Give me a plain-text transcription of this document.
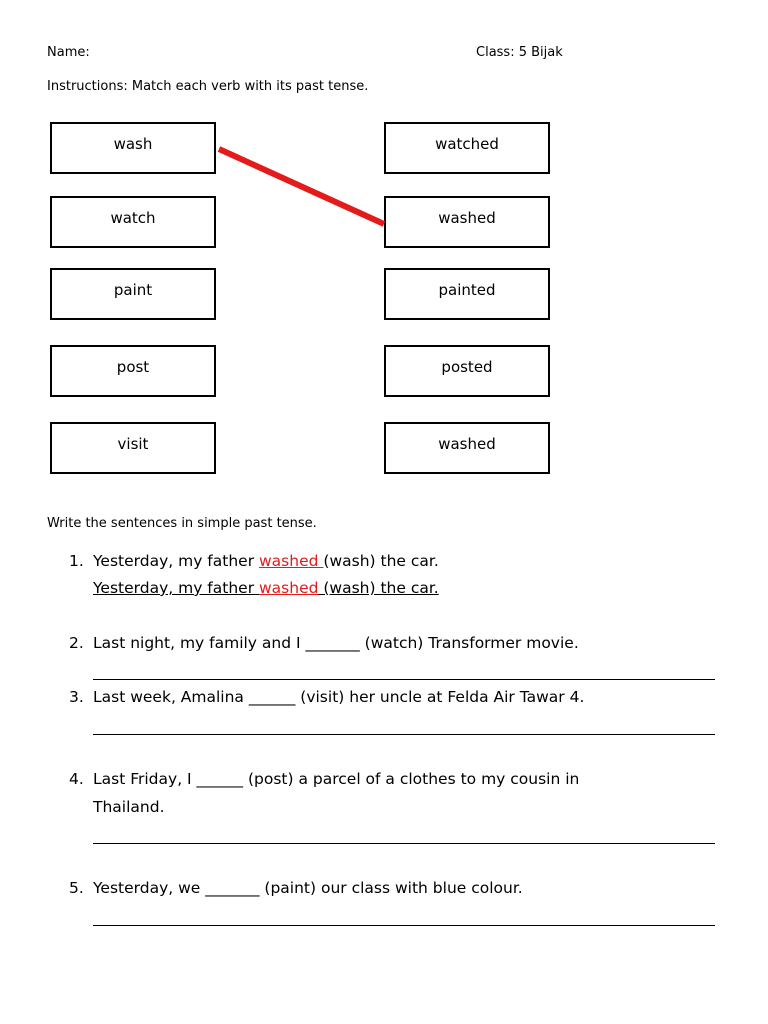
Name:	Class: 5 Bijak
Instructions: Match each verb with its past tense.
wash
watch
paint
post
visit
watched
washed
painted
posted
washed
Write the sentences in simple past tense.
1. Yesterday, my father washed (wash) the car.
Yesterday, my father washed (wash) the car.
2. Last night, my family and I _______ (watch) Transformer movie.
3. Last week, Amalina ______ (visit) her uncle at Felda Air Tawar 4.
4. Last Friday, I ______ (post) a parcel of a clothes to my cousin in
Thailand.
5. Yesterday, we _______ (paint) our class with blue colour.
